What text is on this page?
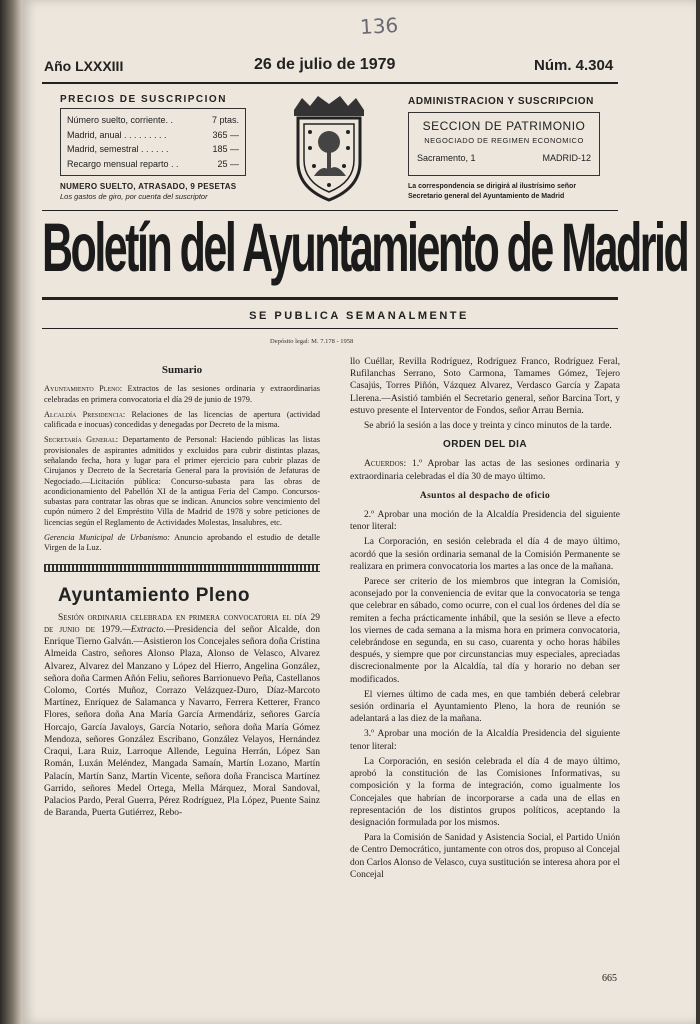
136
Año LXXXIII	26 de julio de 1979	Núm. 4.304
PRECIOS DE SUSCRIPCION
Número suelto, corriente. .	7 ptas.
Madrid, anual . . . . . . . . .	365 —
Madrid, semestral . . . . . .	185 —
Recargo mensual reparto . .	25 —
NUMERO SUELTO, ATRASADO, 9 PESETAS
Los gastos de giro, por cuenta del suscriptor
ADMINISTRACION Y SUSCRIPCION
SECCION DE PATRIMONIO
NEGOCIADO DE REGIMEN ECONOMICO
Sacramento, 1	MADRID-12
La correspondencia se dirigirá al ilustrísimo señor Secretario general del Ayuntamiento de Madrid
Boletín del Ayuntamiento de Madrid
SE PUBLICA SEMANALMENTE
Depósito legal: M. 7.178 - 1958
Sumario
Ayuntamiento Pleno: Extractos de las sesiones ordinaria y extraordinarias celebradas en primera convocatoria el día 29 de junio de 1979.
Alcaldía Presidencia: Relaciones de las licencias de apertura (actividad calificada e inocuas) concedidas y denegadas por Decreto de la misma.
Secretaría General: Departamento de Personal: Haciendo públicas las listas provisionales de aspirantes admitidos y excluidos para cubrir distintas plazas, señalando fecha, hora y lugar para el primer ejercicio para cubrir plazas de Cirujanos y Decreto de la Secretaría General para la provisión de Jefaturas de Negociado.—Licitación pública: Concurso-subasta para las obras de acondicionamiento del Pabellón XI de la antigua Feria del Campo. Concursos-subastas para contratar las obras que se indican. Anuncios sobre vencimiento del cupón número 2 del Empréstito Villa de Madrid de 1978 y sobre peticiones de licencias según el Reglamento de Actividades Molestas, Insalubres, etc.
Gerencia Municipal de Urbanismo: Anuncio aprobando el estudio de detalle Virgen de la Luz.
Ayuntamiento Pleno

Sesión ordinaria celebrada en primera convocatoria el día 29 de junio de 1979.—Extracto.—Presidencia del señor Alcalde, don Enrique Tierno Galván.—Asistieron los Concejales señora doña Cristina Almeida Castro, señores Alonso Plaza, Alonso de Velasco, Alvarez Alvarez, Alvarez del Manzano y López del Hierro, Angelina González, señora doña Carmen Añón Feliu, señores Barrionuevo Peña, Castellanos Colomo, Cortés Muñoz, Corrazo Velázquez-Duro, Díaz-Marcoto Martínez, Enríquez de Salamanca y Navarro, Ferrera Ketterer, Franco Flores, señora doña Ana María García Armendáriz, señores García Horcajo, García Javaloys, García Notario, señora doña María Gómez Mendoza, señores González Escribano, González Velayos, Hernández Craqui, Lara Ruiz, Larroque Allende, Leguina Herrán, López San Román, Luxán Meléndez, Mangada Samaín, Martín Lozano, Martín Palacín, Martín Sanz, Martín Vicente, señora doña Francisca Martínez Garrido, señores Medel Ortega, Mella Márquez, Moral Sandoval, Palacios Pardo, Peral Guerra, Pérez Rodríguez, Pla López, Puente Sainz de Baranda, Puerta Gutiérrez, Rebo-

llo Cuéllar, Revilla Rodríguez, Rodríguez Franco, Rodríguez Feral, Rufilanchas Serrano, Soto Carmona, Tamames Gómez, Tejero Casajús, Torres Piñón, Vázquez Alvarez, Verdasco García y Zapata Llerena.—Asistió también el Secretario general, señor Barcina Tort, y estuvo presente el Interventor de Fondos, señor Arrau Bernia.

Se abrió la sesión a las doce y treinta y cinco minutos de la tarde.

ORDEN DEL DIA

Acuerdos: 1.º Aprobar las actas de las sesiones ordinaria y extraordinaria celebradas el día 30 de mayo último.

Asuntos al despacho de oficio

2.º Aprobar una moción de la Alcaldía Presidencia del siguiente tenor literal:

La Corporación, en sesión celebrada el día 4 de mayo último, acordó que la sesión ordinaria semanal de la Comisión Permanente se realizara en primera convocatoria los martes a las once de la mañana.

Parece ser criterio de los miembros que integran la Comisión, aconsejado por la conveniencia de evitar que la convocatoria se tenga que celebrar en sábado, como ocurre, con el cual los órdenes del día se remiten a fecha prácticamente inhábil, que la sesión se lleve a efecto los viernes de cada semana a la misma hora en primera convocatoria, celebrándose en segunda, en su caso, cuarenta y ocho horas hábiles después, y siempre que por circunstancias muy especiales, apreciadas discrecionalmente por la Alcaldía, tal día y horario no deban ser modificados.

El viernes último de cada mes, en que también deberá celebrar sesión ordinaria el Ayuntamiento Pleno, la hora de reunión se adelantará a las diez de la mañana.

3.º Aprobar una moción de la Alcaldía Presidencia del siguiente tenor literal:

La Corporación, en sesión celebrada el día 4 de mayo último, aprobó la constitución de las Comisiones Informativas, su composición y la forma de integración, como igualmente los Concejales que habrían de incorporarse a cada una de ellas en representación de los distintos grupos políticos, aceptando la designación formulada por los mismos.

Para la Comisión de Sanidad y Asistencia Social, el Partido Unión de Centro Democrático, juntamente con otros dos, propuso al Concejal don Carlos Alonso de Velasco, cuya sustitución se interesa ahora por el Concejal

665
